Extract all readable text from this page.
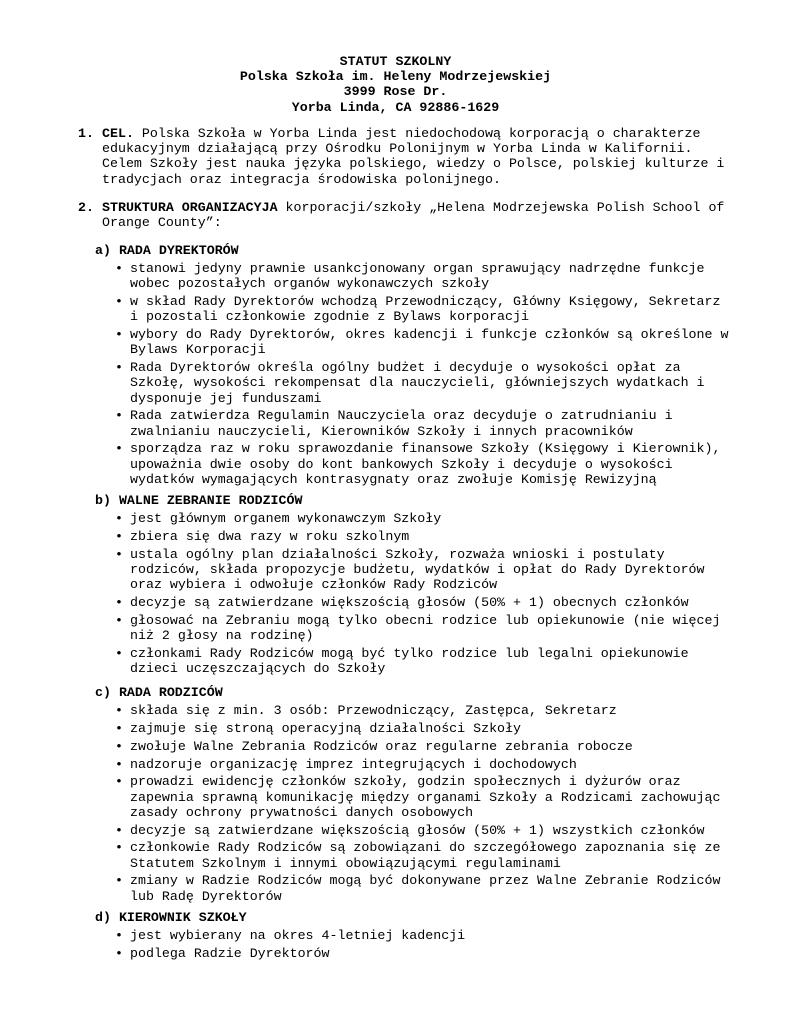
STATUT SZKOLNY
Polska Szkoła im. Heleny Modrzejewskiej
3999 Rose Dr.
Yorba Linda, CA 92886-1629
1. CEL. Polska Szkoła w Yorba Linda jest niedochodową korporacją o charakterze edukacyjnym działającą przy Ośrodku Polonijnym w Yorba Linda w Kalifornii. Celem Szkoły jest nauka języka polskiego, wiedzy o Polsce, polskiej kulturze i tradycjach oraz integracja środowiska polonijnego.
2. STRUKTURA ORGANIZACYJA korporacji/szkoły „Helena Modrzejewska Polish School of Orange County”:
a) RADA DYREKTORÓW
• stanowi jedyny prawnie usankcjonowany organ sprawujący nadrzędne funkcje wobec pozostałych organów wykonawczych szkoły
• w skład Rady Dyrektorów wchodzą Przewodniczący, Główny Księgowy, Sekretarz i pozostali członkowie zgodnie z Bylaws korporacji
• wybory do Rady Dyrektorów, okres kadencji i funkcje członków są określone w Bylaws Korporacji
• Rada Dyrektorów określa ogólny budżet i decyduje o wysokości opłat za Szkołę, wysokości rekompensat dla nauczycieli, główniejszych wydatkach i dysponuje jej funduszami
• Rada zatwierdza Regulamin Nauczyciela oraz decyduje o zatrudnianiu i zwalnianiu nauczycieli, Kierowników Szkoły i innych pracowników
• sporządza raz w roku sprawozdanie finansowe Szkoły (Księgowy i Kierownik), upoważnia dwie osoby do kont bankowych Szkoły i decyduje o wysokości wydatków wymagających kontrasygnaty oraz zwołuje Komisję Rewizyjną
b) WALNE ZEBRANIE RODZICÓW
• jest głównym organem wykonawczym Szkoły
• zbiera się dwa razy w roku szkolnym
• ustala ogólny plan działalności Szkoły, rozważa wnioski i postulaty rodziców, składa propozycje budżetu, wydatków i opłat do Rady Dyrektorów oraz wybiera i odwołuje członków Rady Rodziców
• decyzje są zatwierdzane większością głosów (50% + 1) obecnych członków
• głosować na Zebraniu mogą tylko obecni rodzice lub opiekunowie (nie więcej niż 2 głosy na rodzinę)
• członkami Rady Rodziców mogą być tylko rodzice lub legalni opiekunowie dzieci uczęszczających do Szkoły
c) RADA RODZICÓW
• składa się z min. 3 osób: Przewodniczący, Zastępca, Sekretarz
• zajmuje się stroną operacyjną działalności Szkoły
• zwołuje Walne Zebrania Rodziców oraz regularne zebrania robocze
• nadzoruje organizację imprez integrujących i dochodowych
• prowadzi ewidencję członków szkoły, godzin społecznych i dyżurów oraz zapewnia sprawną komunikację między organami Szkoły a Rodzicami zachowując zasady ochrony prywatności danych osobowych
• decyzje są zatwierdzane większością głosów (50% + 1) wszystkich członków
• członkowie Rady Rodziców są zobowiązani do szczegółowego zapoznania się ze Statutem Szkolnym i innymi obowiązującymi regulaminami
• zmiany w Radzie Rodziców mogą być dokonywane przez Walne Zebranie Rodziców lub Radę Dyrektorów
d) KIEROWNIK SZKOŁY
• jest wybierany na okres 4-letniej kadencji
• podlega Radzie Dyrektorów
